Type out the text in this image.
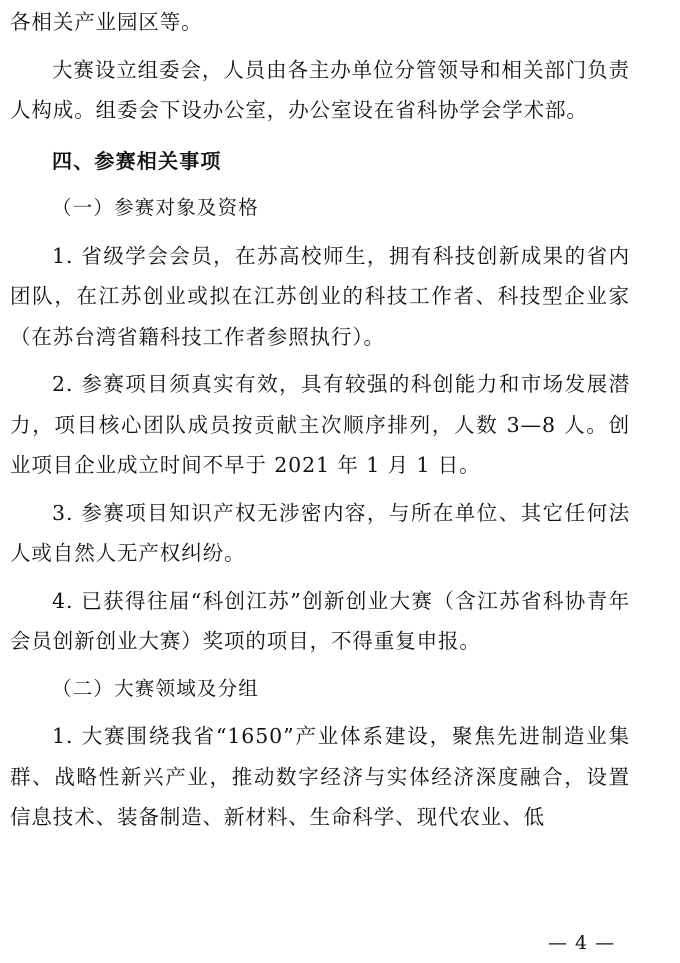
各相关产业园区等。

大赛设立组委会，人员由各主办单位分管领导和相关部门负责人构成。组委会下设办公室，办公室设在省科协学会学术部。

四、参赛相关事项

（一）参赛对象及资格

1. 省级学会会员，在苏高校师生，拥有科技创新成果的省内团队，在江苏创业或拟在江苏创业的科技工作者、科技型企业家（在苏台湾省籍科技工作者参照执行）。

2. 参赛项目须真实有效，具有较强的科创能力和市场发展潜力，项目核心团队成员按贡献主次顺序排列，人数 3—8 人。创业项目企业成立时间不早于 2021 年 1 月 1 日。

3. 参赛项目知识产权无涉密内容，与所在单位、其它任何法人或自然人无产权纠纷。

4. 已获得往届“科创江苏”创新创业大赛（含江苏省科协青年会员创新创业大赛）奖项的项目，不得重复申报。

（二）大赛领域及分组

1. 大赛围绕我省“1650”产业体系建设，聚焦先进制造业集群、战略性新兴产业，推动数字经济与实体经济深度融合，设置信息技术、装备制造、新材料、生命科学、现代农业、低

— 4 —
